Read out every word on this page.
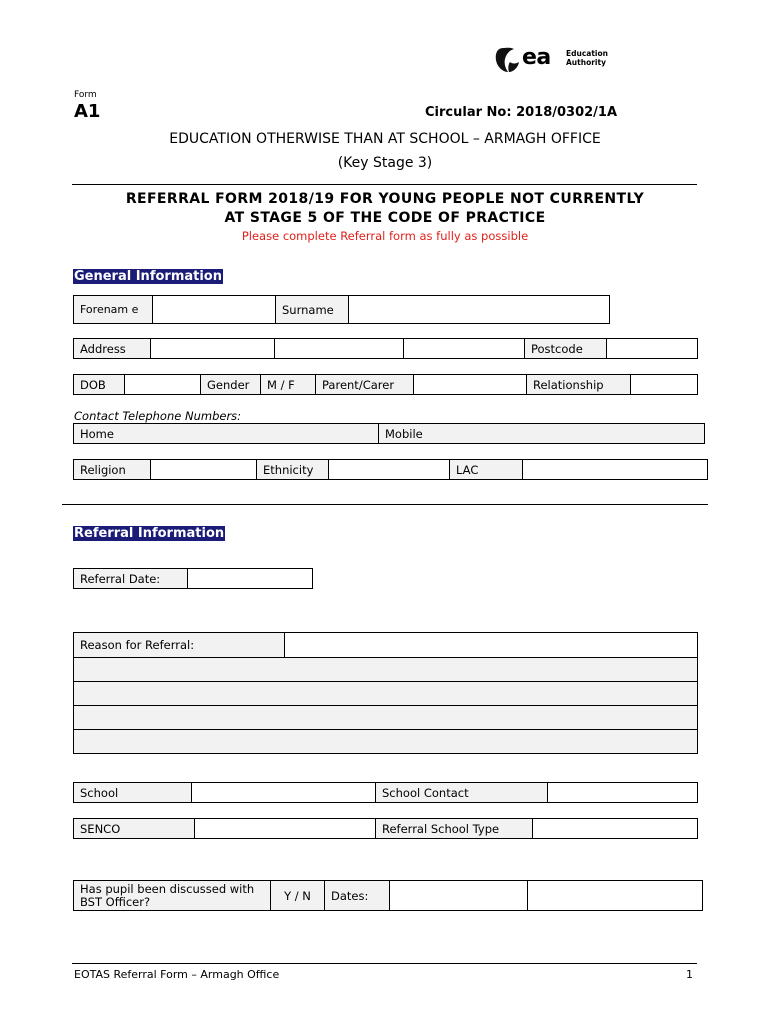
ea Education
Authority
Form
A1	Circular No: 2018/0302/1A
EDUCATION OTHERWISE THAN AT SCHOOL – ARMAGH OFFICE
(Key Stage 3)
REFERRAL FORM 2018/19 FOR YOUNG PEOPLE NOT CURRENTLY
AT STAGE 5 OF THE CODE OF PRACTICE
Please complete Referral form as fully as possible
General Information
Forenam e		Surname	
Address				Postcode	
DOB		Gender	M / F	Parent/Carer		Relationship	
Contact Telephone Numbers:
Home	Mobile
Religion		Ethnicity		LAC	
Referral Information
Referral Date:	
Reason for Referral:	

School		School Contact	
SENCO		Referral School Type	
Has pupil been discussed with BST Officer?	Y / N	Dates:		
EOTAS Referral Form – Armagh Office	1
